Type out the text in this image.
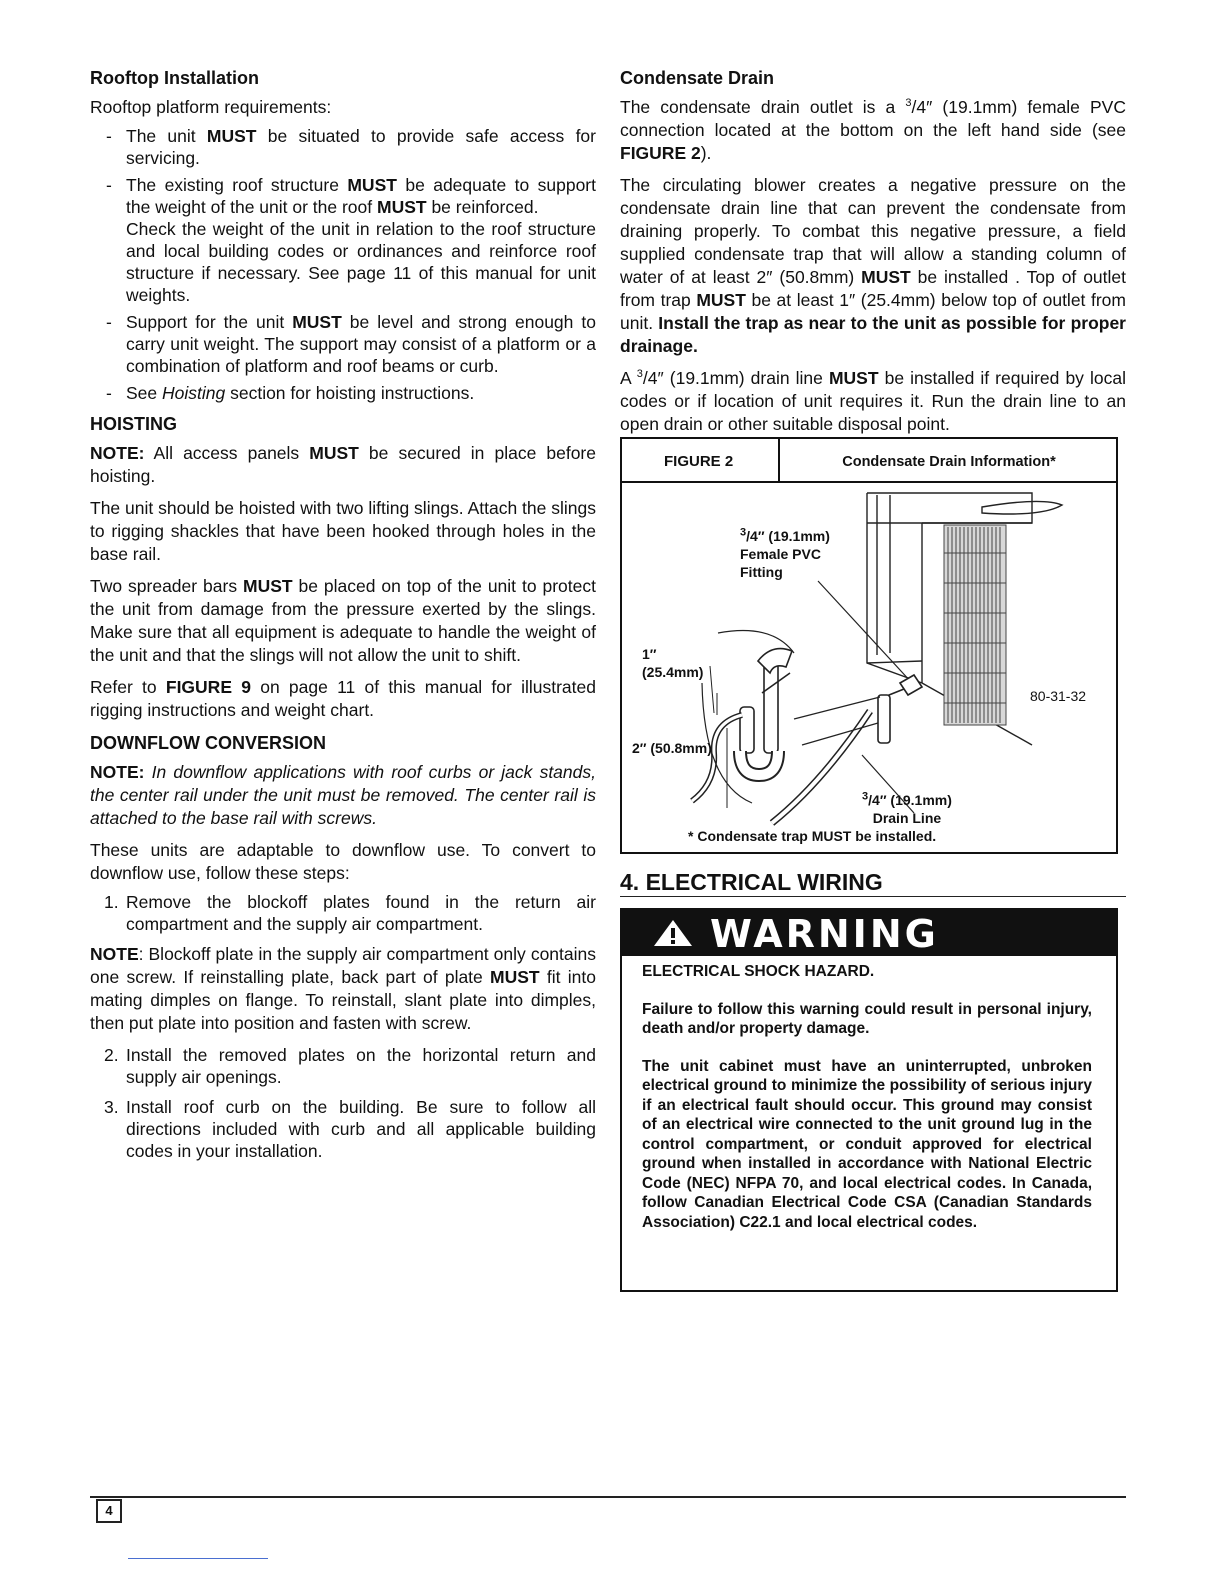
Rooftop Installation

Rooftop platform requirements:

- The unit MUST be situated to provide safe access for servicing.
- The existing roof structure MUST be adequate to support the weight of the unit or the roof MUST be reinforced.
Check the weight of the unit in relation to the roof structure and local building codes or ordinances and reinforce roof structure if necessary. See page 11 of this manual for unit weights.
- Support for the unit MUST be level and strong enough to carry unit weight. The support may consist of a platform or a combination of platform and roof beams or curb.
- See Hoisting section for hoisting instructions.
HOISTING

NOTE: All access panels MUST be secured in place before hoisting.

The unit should be hoisted with two lifting slings. Attach the slings to rigging shackles that have been hooked through holes in the base rail.

Two spreader bars MUST be placed on top of the unit to protect the unit from damage from the pressure exerted by the slings. Make sure that all equipment is adequate to handle the weight of the unit and that the slings will not allow the unit to shift.

Refer to FIGURE 9 on page 11 of this manual for illustrated rigging instructions and weight chart.

DOWNFLOW CONVERSION

NOTE: In downflow applications with roof curbs or jack stands, the center rail under the unit must be removed. The center rail is attached to the base rail with screws.

These units are adaptable to downflow use. To convert to downflow use, follow these steps:

1. Remove the blockoff plates found in the return air compartment and the supply air compartment.

NOTE: Blockoff plate in the supply air compartment only contains one screw. If reinstalling plate, back part of plate MUST fit into mating dimples on flange. To reinstall, slant plate into dimples, then put plate into position and fasten with screw.

2. Install the removed plates on the horizontal return and supply air openings.
3. Install roof curb on the building. Be sure to follow all directions included with curb and all applicable building codes in your installation.
Condensate Drain

The condensate drain outlet is a $^3$/4″ (19.1mm) female PVC connection located at the bottom on the left hand side (see FIGURE 2).

The circulating blower creates a negative pressure on the condensate drain line that can prevent the condensate from draining properly. To combat this negative pressure, a field supplied condensate trap that will allow a standing column of water of at least 2″ (50.8mm) MUST be installed . Top of outlet from trap MUST be at least 1″ (25.4mm) below top of outlet from unit. Install the trap as near to the unit as possible for proper drainage.

A $^3$/4″ (19.1mm) drain line MUST be installed if required by local codes or if location of unit requires it. Run the drain line to an open drain or other suitable disposal point.

FIGURE 2	Condensate Drain Information*
$^3$/4″ (19.1mm)
Female PVC
Fitting
1″
(25.4mm)
2″ (50.8mm)
80-31-32
$^3$/4″ (19.1mm)
Drain Line
* Condensate trap MUST be installed.
4. ELECTRICAL WIRING
WARNING

ELECTRICAL SHOCK HAZARD.

Failure to follow this warning could result in personal injury, death and/or property damage.

The unit cabinet must have an uninterrupted, unbroken electrical ground to minimize the possibility of serious injury if an electrical fault should occur. This ground may consist of an electrical wire connected to the unit ground lug in the control compartment, or conduit approved for electrical ground when installed in accordance with National Electric Code (NEC) NFPA 70, and local electrical codes. In Canada, follow Canadian Electrical Code CSA (Canadian Standards Association) C22.1 and local electrical codes.

4
